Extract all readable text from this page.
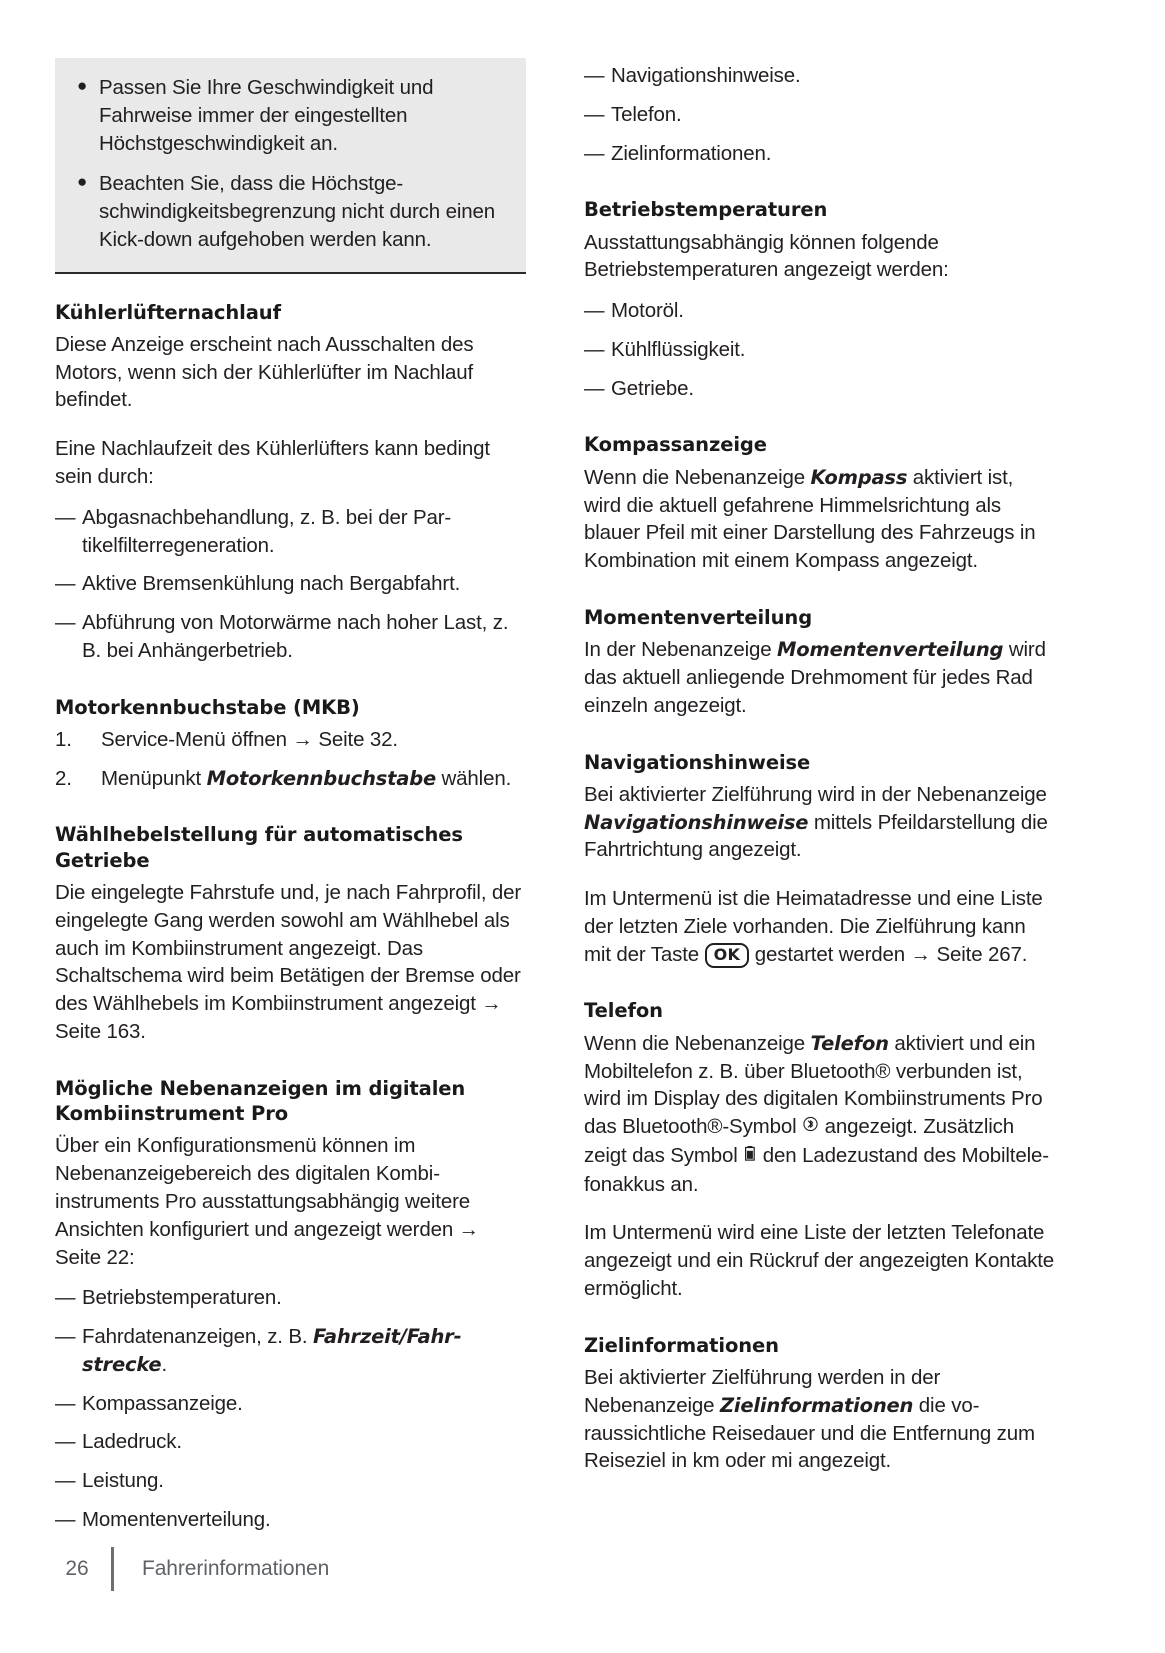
● Passen Sie Ihre Geschwindigkeit und Fahrweise immer der eingestellten Höchstgeschwindigkeit an.
● Beachten Sie, dass die Höchstgeschwindigkeitsbegrenzung nicht durch einen Kick-down aufgehoben werden kann.
Kühlerlüfternachlauf

Diese Anzeige erscheint nach Ausschalten des Motors, wenn sich der Kühlerlüfter im Nachlauf befindet.

Eine Nachlaufzeit des Kühlerlüfters kann bedingt sein durch:

— Abgasnachbehandlung, z. B. bei der Partikelfilterregeneration.
— Aktive Bremsenkühlung nach Bergabfahrt.
— Abführung von Motorwärme nach hoher Last, z. B. bei Anhängerbetrieb.
Motorkennbuchstabe (MKB)
1. Service-Menü öffnen → Seite 32.
2. Menüpunkt Motorkennbuchstabe wählen.
Wählhebelstellung für automatisches Getriebe

Die eingelegte Fahrstufe und, je nach Fahrprofil, der eingelegte Gang werden sowohl am Wählhebel als auch im Kombiinstrument angezeigt. Das Schaltschema wird beim Betätigen der Bremse oder des Wählhebels im Kombiinstrument angezeigt → Seite 163.

Mögliche Nebenanzeigen im digitalen Kombiinstrument Pro

Über ein Konfigurationsmenü können im Nebenanzeigebereich des digitalen Kombiinstruments Pro ausstattungsabhängig weitere Ansichten konfiguriert und angezeigt werden → Seite 22:

— Betriebstemperaturen.
— Fahrdatenanzeigen, z. B. Fahrzeit/Fahrstrecke.
— Kompassanzeige.
— Ladedruck.
— Leistung.
— Momentenverteilung.
— Navigationshinweise.
— Telefon.
— Zielinformationen.
Betriebstemperaturen

Ausstattungsabhängig können folgende Betriebstemperaturen angezeigt werden:

— Motoröl.
— Kühlflüssigkeit.
— Getriebe.
Kompassanzeige

Wenn die Nebenanzeige Kompass aktiviert ist, wird die aktuell gefahrene Himmelsrichtung als blauer Pfeil mit einer Darstellung des Fahrzeugs in Kombination mit einem Kompass angezeigt.

Momentenverteilung

In der Nebenanzeige Momentenverteilung wird das aktuell anliegende Drehmoment für jedes Rad einzeln angezeigt.

Navigationshinweise

Bei aktivierter Zielführung wird in der Nebenanzeige Navigationshinweise mittels Pfeildarstellung die Fahrtrichtung angezeigt.

Im Untermenü ist die Heimatadresse und eine Liste der letzten Ziele vorhanden. Die Zielführung kann mit der Taste OK gestartet werden → Seite 267.

Telefon

Wenn die Nebenanzeige Telefon aktiviert und ein Mobiltelefon z. B. über Bluetooth® verbunden ist, wird im Display des digitalen Kombiinstruments Pro das Bluetooth®-Symbol  angezeigt. Zusätzlich zeigt das Symbol  den Ladezustand des Mobiltelefonakkus an.

Im Untermenü wird eine Liste der letzten Telefonate angezeigt und ein Rückruf der angezeigten Kontakte ermöglicht.

Zielinformationen

Bei aktivierter Zielführung werden in der Nebenanzeige Zielinformationen die voraussichtliche Reisedauer und die Entfernung zum Reiseziel in km oder mi angezeigt.

26	Fahrerinformationen
